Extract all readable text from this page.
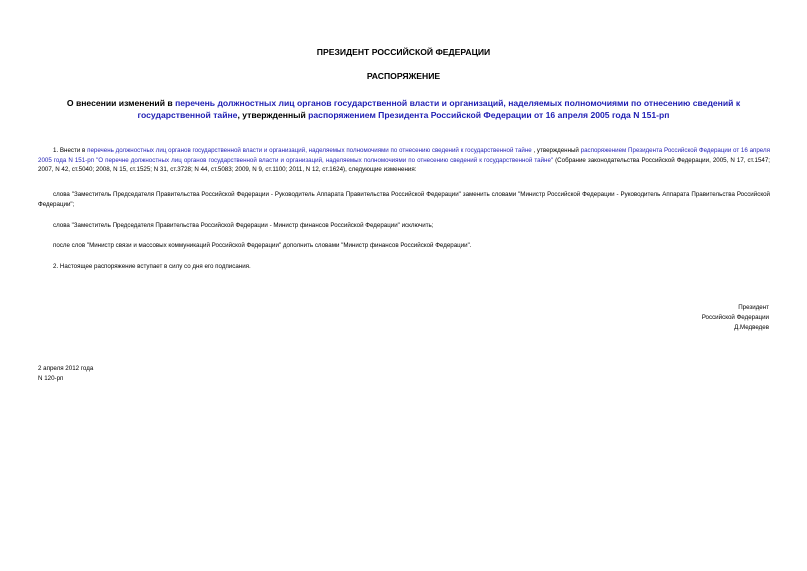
ПРЕЗИДЕНТ РОССИЙСКОЙ ФЕДЕРАЦИИ
РАСПОРЯЖЕНИЕ
О внесении изменений в перечень должностных лиц органов государственной власти и организаций, наделяемых полномочиями по отнесению сведений к государственной тайне, утвержденный распоряжением Президента Российской Федерации от 16 апреля 2005 года N 151-рп
1. Внести в перечень должностных лиц органов государственной власти и организаций, наделяемых полномочиями по отнесению сведений к государственной тайне , утвержденный распоряжением Президента Российской Федерации от 16 апреля 2005 года N 151-рп "О перечне должностных лиц органов государственной власти и организаций, наделяемых полномочиями по отнесению сведений к государственной тайне" (Собрание законодательства Российской Федерации, 2005, N 17, ст.1547; 2007, N 42, ст.5040; 2008, N 15, ст.1525; N 31, ст.3728; N 44, ст.5083; 2009, N 9, ст.1100; 2011, N 12, ст.1624), следующие изменения:
слова "Заместитель Председателя Правительства Российской Федерации - Руководитель Аппарата Правительства Российской Федерации" заменить словами "Министр Российской Федерации - Руководитель Аппарата Правительства Российской Федерации";
слова "Заместитель Председателя Правительства Российской Федерации - Министр финансов Российской Федерации" исключить;
после слов "Министр связи и массовых коммуникаций Российской Федерации" дополнить словами "Министр финансов Российской Федерации".
2. Настоящее распоряжение вступает в силу со дня его подписания.
Президент
Российской Федерации
Д.Медведев
2 апреля 2012 года
N 120-рп
